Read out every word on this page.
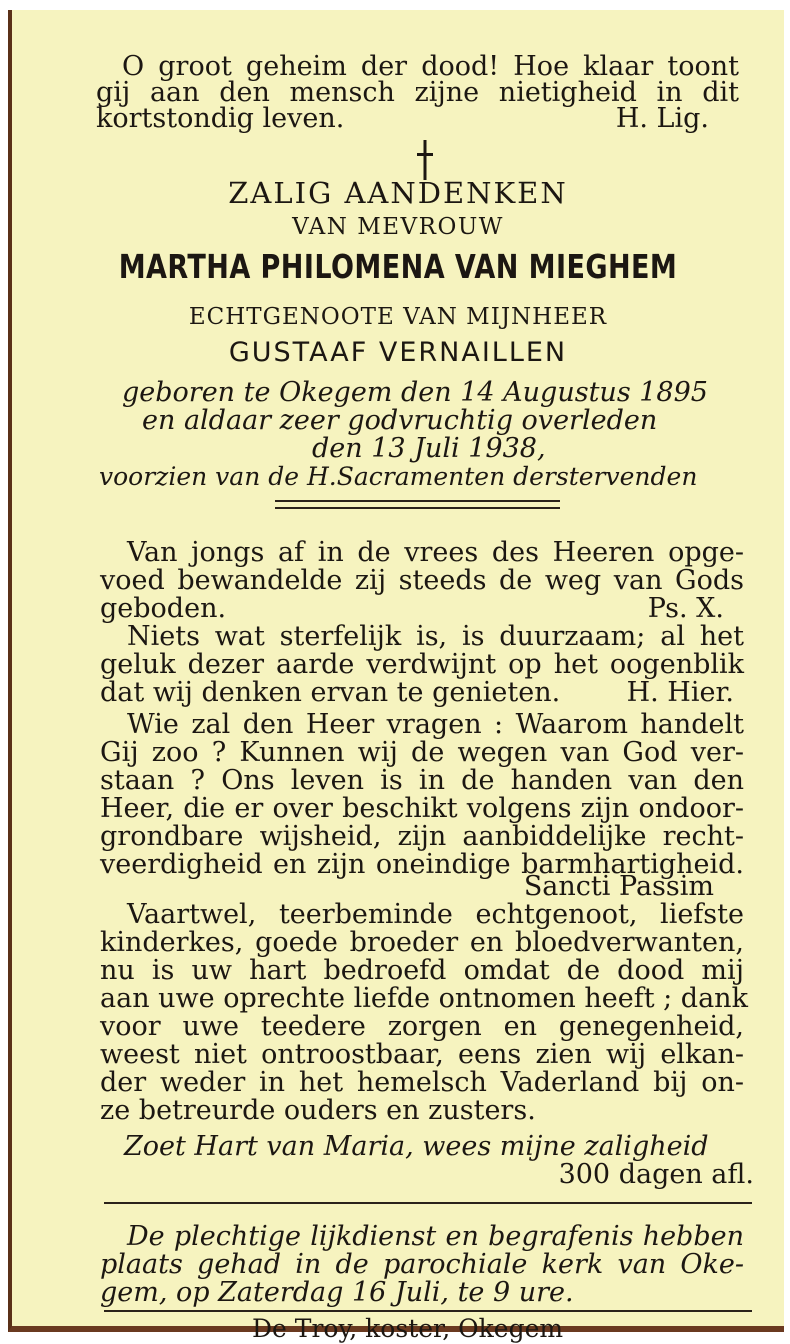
O groot geheim der dood! Hoe klaar toont
gij aan den mensch zijne nietigheid in dit
kortstondig leven.	H. Lig.
ZALIG AANDENKEN
VAN MEVROUW
MARTHA PHILOMENA VAN MIEGHEM
ECHTGENOOTE VAN MIJNHEER
GUSTAAF VERNAILLEN
geboren te Okegem den 14 Augustus 1895
en aldaar zeer godvruchtig overleden
den 13 Juli 1938,
voorzien van de H.Sacramenten derstervenden
Van jongs af in de vrees des Heeren opge-
voed bewandelde zij steeds de weg van Gods
geboden.	Ps. X.
Niets wat sterfelijk is, is duurzaam; al het
geluk dezer aarde verdwijnt op het oogenblik
dat wij denken ervan te genieten. H. Hier.
Wie zal den Heer vragen : Waarom handelt
Gij zoo ? Kunnen wij de wegen van God ver-
staan ? Ons leven is in de handen van den
Heer, die er over beschikt volgens zijn ondoor-
grondbare wijsheid, zijn aanbiddelijke recht-
veerdigheid en zijn oneindige barmhartigheid.
Sancti Passim
Vaartwel, teerbeminde echtgenoot, liefste
kinderkes, goede broeder en bloedverwanten,
nu is uw hart bedroefd omdat de dood mij
aan uwe oprechte liefde ontnomen heeft ; dank
voor uwe teedere zorgen en genegenheid,
weest niet ontroostbaar, eens zien wij elkan-
der weder in het hemelsch Vaderland bij on-
ze betreurde ouders en zusters.
Zoet Hart van Maria, wees mijne zaligheid
300 dagen afl.
De plechtige lijkdienst en begrafenis hebben
plaats gehad in de parochiale kerk van Oke-
gem, op Zaterdag 16 Juli, te 9 ure.
De Troy, koster, Okegem
